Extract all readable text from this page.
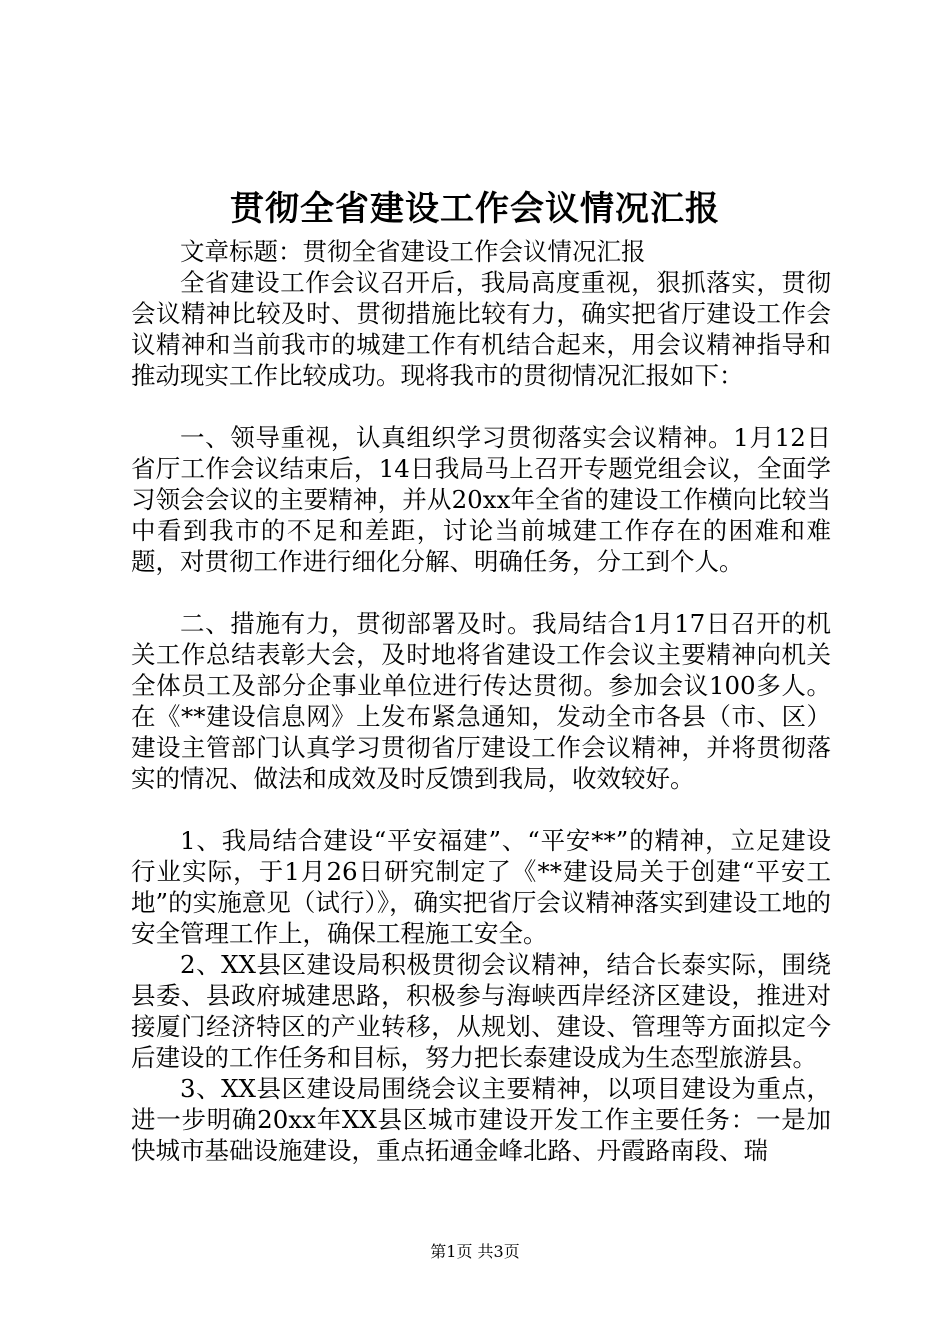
贯彻全省建设工作会议情况汇报

文章标题：贯彻全省建设工作会议情况汇报

全省建设工作会议召开后，我局高度重视，狠抓落实，贯彻会议精神比较及时、贯彻措施比较有力，确实把省厅建设工作会议精神和当前我市的城建工作有机结合起来，用会议精神指导和推动现实工作比较成功。现将我市的贯彻情况汇报如下：

一、领导重视，认真组织学习贯彻落实会议精神。1月12日省厅工作会议结束后，14日我局马上召开专题党组会议，全面学习领会会议的主要精神，并从20xx年全省的建设工作横向比较当中看到我市的不足和差距，讨论当前城建工作存在的困难和难题，对贯彻工作进行细化分解、明确任务，分工到个人。

二、措施有力，贯彻部署及时。我局结合1月17日召开的机关工作总结表彰大会，及时地将省建设工作会议主要精神向机关全体员工及部分企事业单位进行传达贯彻。参加会议100多人。在《**建设信息网》上发布紧急通知，发动全市各县（市、区）建设主管部门认真学习贯彻省厅建设工作会议精神，并将贯彻落实的情况、做法和成效及时反馈到我局，收效较好。

1、我局结合建设“平安福建”、“平安**”的精神，立足建设行业实际，于1月26日研究制定了《**建设局关于创建“平安工地”的实施意见（试行）》，确实把省厅会议精神落实到建设工地的安全管理工作上，确保工程施工安全。

2、XX县区建设局积极贯彻会议精神，结合长泰实际，围绕县委、县政府城建思路，积极参与海峡西岸经济区建设，推进对接厦门经济特区的产业转移，从规划、建设、管理等方面拟定今后建设的工作任务和目标，努力把长泰建设成为生态型旅游县。

3、XX县区建设局围绕会议主要精神，以项目建设为重点，进一步明确20xx年XX县区城市建设开发工作主要任务：一是加快城市基础设施建设，重点拓通金峰北路、丹霞路南段、瑞

第1页 共3页
